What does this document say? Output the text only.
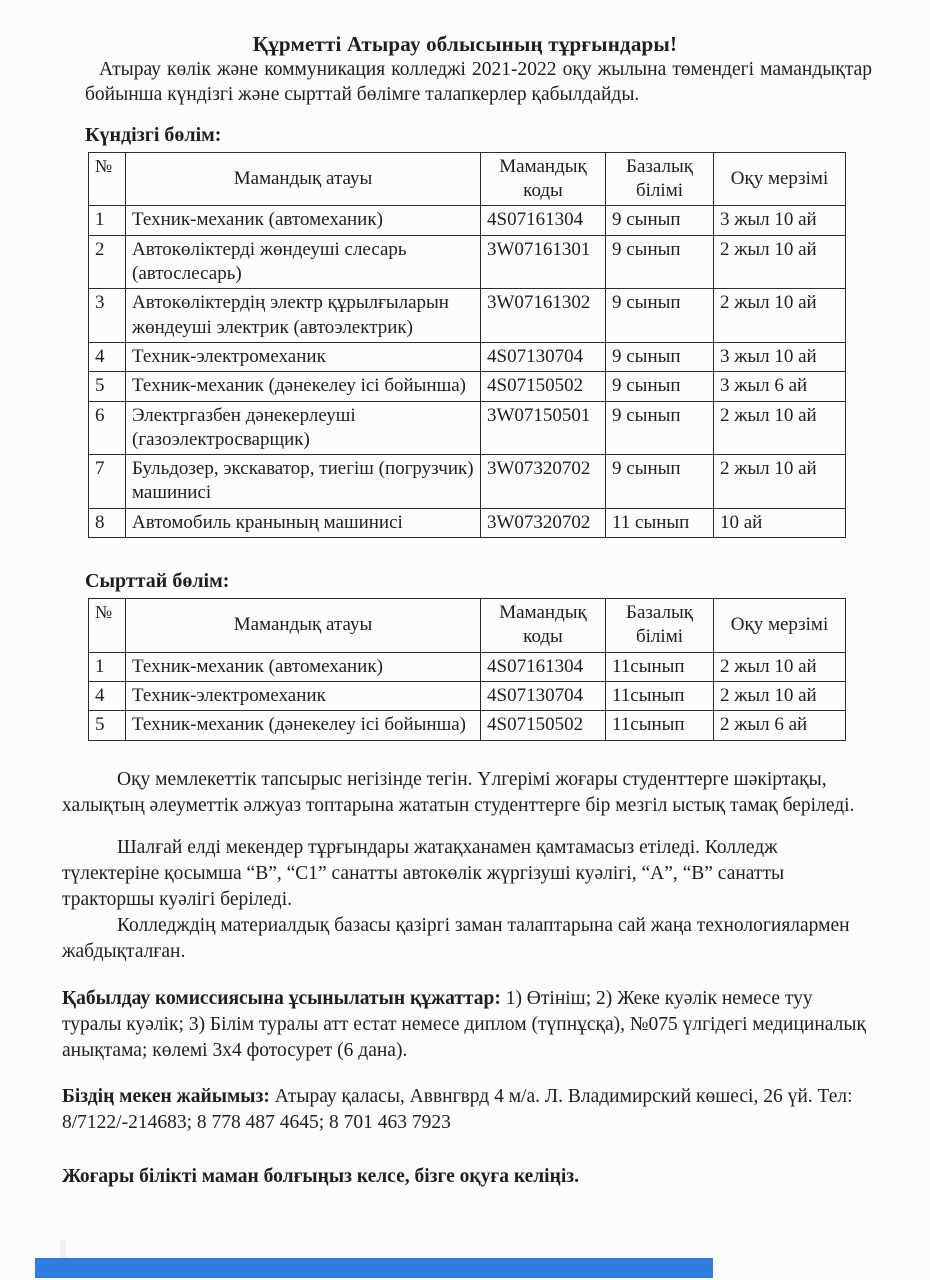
Құрметті Атырау облысының тұрғындары!

Атырау көлік және коммуникация колледжі 2021-2022 оқу жылына төмендегі мамандықтар бойынша күндізгі және сырттай бөлімге талапкерлер қабылдайды.

Күндізгі бөлім:
№	Мамандық атауы	Мамандық коды	Базалық білімі	Оқу мерзімі
1	Техник-механик (автомеханик)	4S07161304	9 сынып	3 жыл 10 ай
2	Автокөліктерді жөндеуші слесарь (автослесарь)	3W07161301	9 сынып	2 жыл 10 ай
3	Автокөліктердің электр құрылғыларын жөндеуші электрик (автоэлектрик)	3W07161302	9 сынып	2 жыл 10 ай
4	Техник-электромеханик	4S07130704	9 сынып	3 жыл 10 ай
5	Техник-механик (дәнекелеу ісі бойынша)	4S07150502	9 сынып	3 жыл 6 ай
6	Электргазбен дәнекерлеуші (газоэлектросварщик)	3W07150501	9 сынып	2 жыл 10 ай
7	Бульдозер, экскаватор, тиегіш (погрузчик) машинисі	3W07320702	9 сынып	2 жыл 10 ай
8	Автомобиль кранының машинисі	3W07320702	11 сынып	10 ай
Сырттай бөлім:
№	Мамандық атауы	Мамандық коды	Базалық білімі	Оқу мерзімі
1	Техник-механик (автомеханик)	4S07161304	11сынып	2 жыл 10 ай
4	Техник-электромеханик	4S07130704	11сынып	2 жыл 10 ай
5	Техник-механик (дәнекелеу ісі бойынша)	4S07150502	11сынып	2 жыл 6 ай

Оқу мемлекеттік тапсырыс негізінде тегін. Үлгерімі жоғары студенттерге шәкіртақы, халықтың әлеуметтік әлжуаз топтарына жататын студенттерге бір мезгіл ыстық тамақ беріледі.

Шалғай елді мекендер тұрғындары жатақханамен қамтамасыз етіледі. Колледж түлектеріне қосымша “В”, “С1” санатты автокөлік жүргізуші куәлігі, “А”, “В” санатты тракторшы куәлігі беріледі.

Колледждің материалдық базасы қазіргі заман талаптарына сай жаңа технологиялармен жабдықталған.

Қабылдау комиссиясына ұсынылатын құжаттар: 1) Өтініш; 2) Жеке куәлік немесе туу туралы куәлік; 3) Білім туралы атт естат немесе диплом (түпнұсқа), №075 үлгідегі медициналық анықтама; көлемі 3х4 фотосурет (6 дана).

Біздің мекен жайымыз: Атырау қаласы, Аввнгврд 4 м/а. Л. Владимирский көшесі, 26 үй. Тел: 8/7122/-214683; 8 778 487 4645; 8 701 463 7923

Жоғары білікті маман болғыңыз келсе, бізге оқуға келіңіз.
